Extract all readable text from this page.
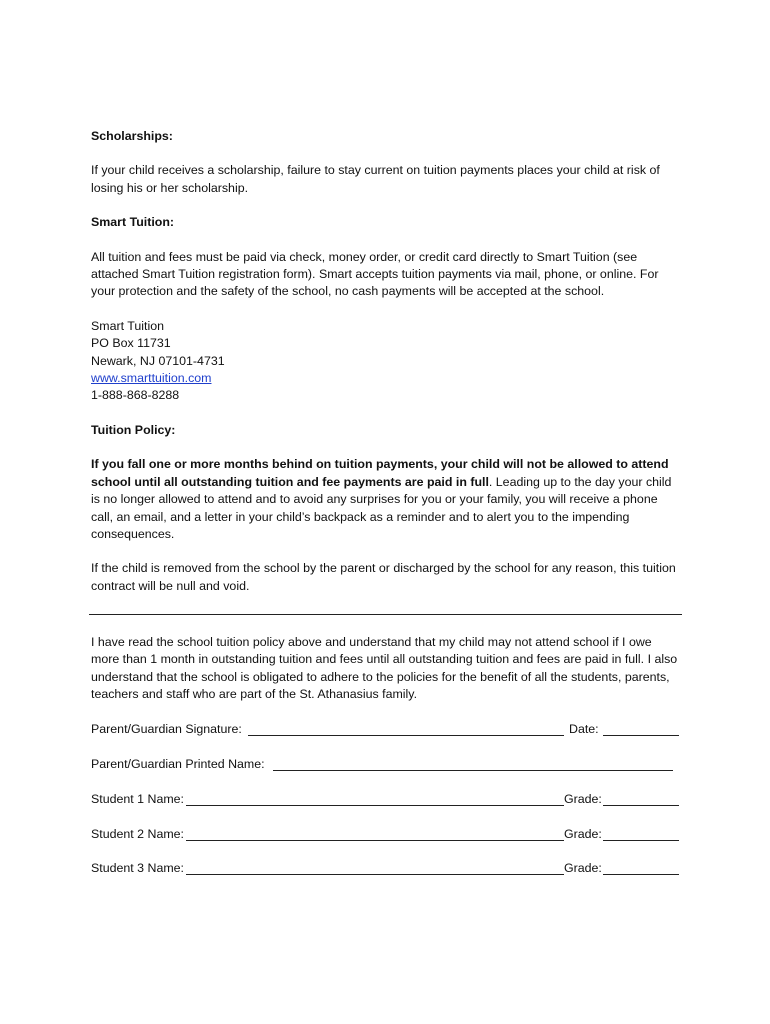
Scholarships:

If your child receives a scholarship, failure to stay current on tuition payments places your child at risk of losing his or her scholarship.

Smart Tuition:

All tuition and fees must be paid via check, money order, or credit card directly to Smart Tuition (see attached Smart Tuition registration form). Smart accepts tuition payments via mail, phone, or online. For your protection and the safety of the school, no cash payments will be accepted at the school.

Smart Tuition
PO Box 11731
Newark, NJ 07101-4731
www.smarttuition.com
1-888-868-8288

Tuition Policy:

If you fall one or more months behind on tuition payments, your child will not be allowed to attend school until all outstanding tuition and fee payments are paid in full. Leading up to the day your child is no longer allowed to attend and to avoid any surprises for you or your family, you will receive a phone call, an email, and a letter in your child’s backpack as a reminder and to alert you to the impending consequences.

If the child is removed from the school by the parent or discharged by the school for any reason, this tuition contract will be null and void.

I have read the school tuition policy above and understand that my child may not attend school if I owe more than 1 month in outstanding tuition and fees until all outstanding tuition and fees are paid in full. I also understand that the school is obligated to adhere to the policies for the benefit of all the students, parents, teachers and staff who are part of the St. Athanasius family.

Parent/Guardian Signature:	Date:
Parent/Guardian Printed Name:
Student 1 Name:	Grade:
Student 2 Name:	Grade:
Student 3 Name:	Grade:
